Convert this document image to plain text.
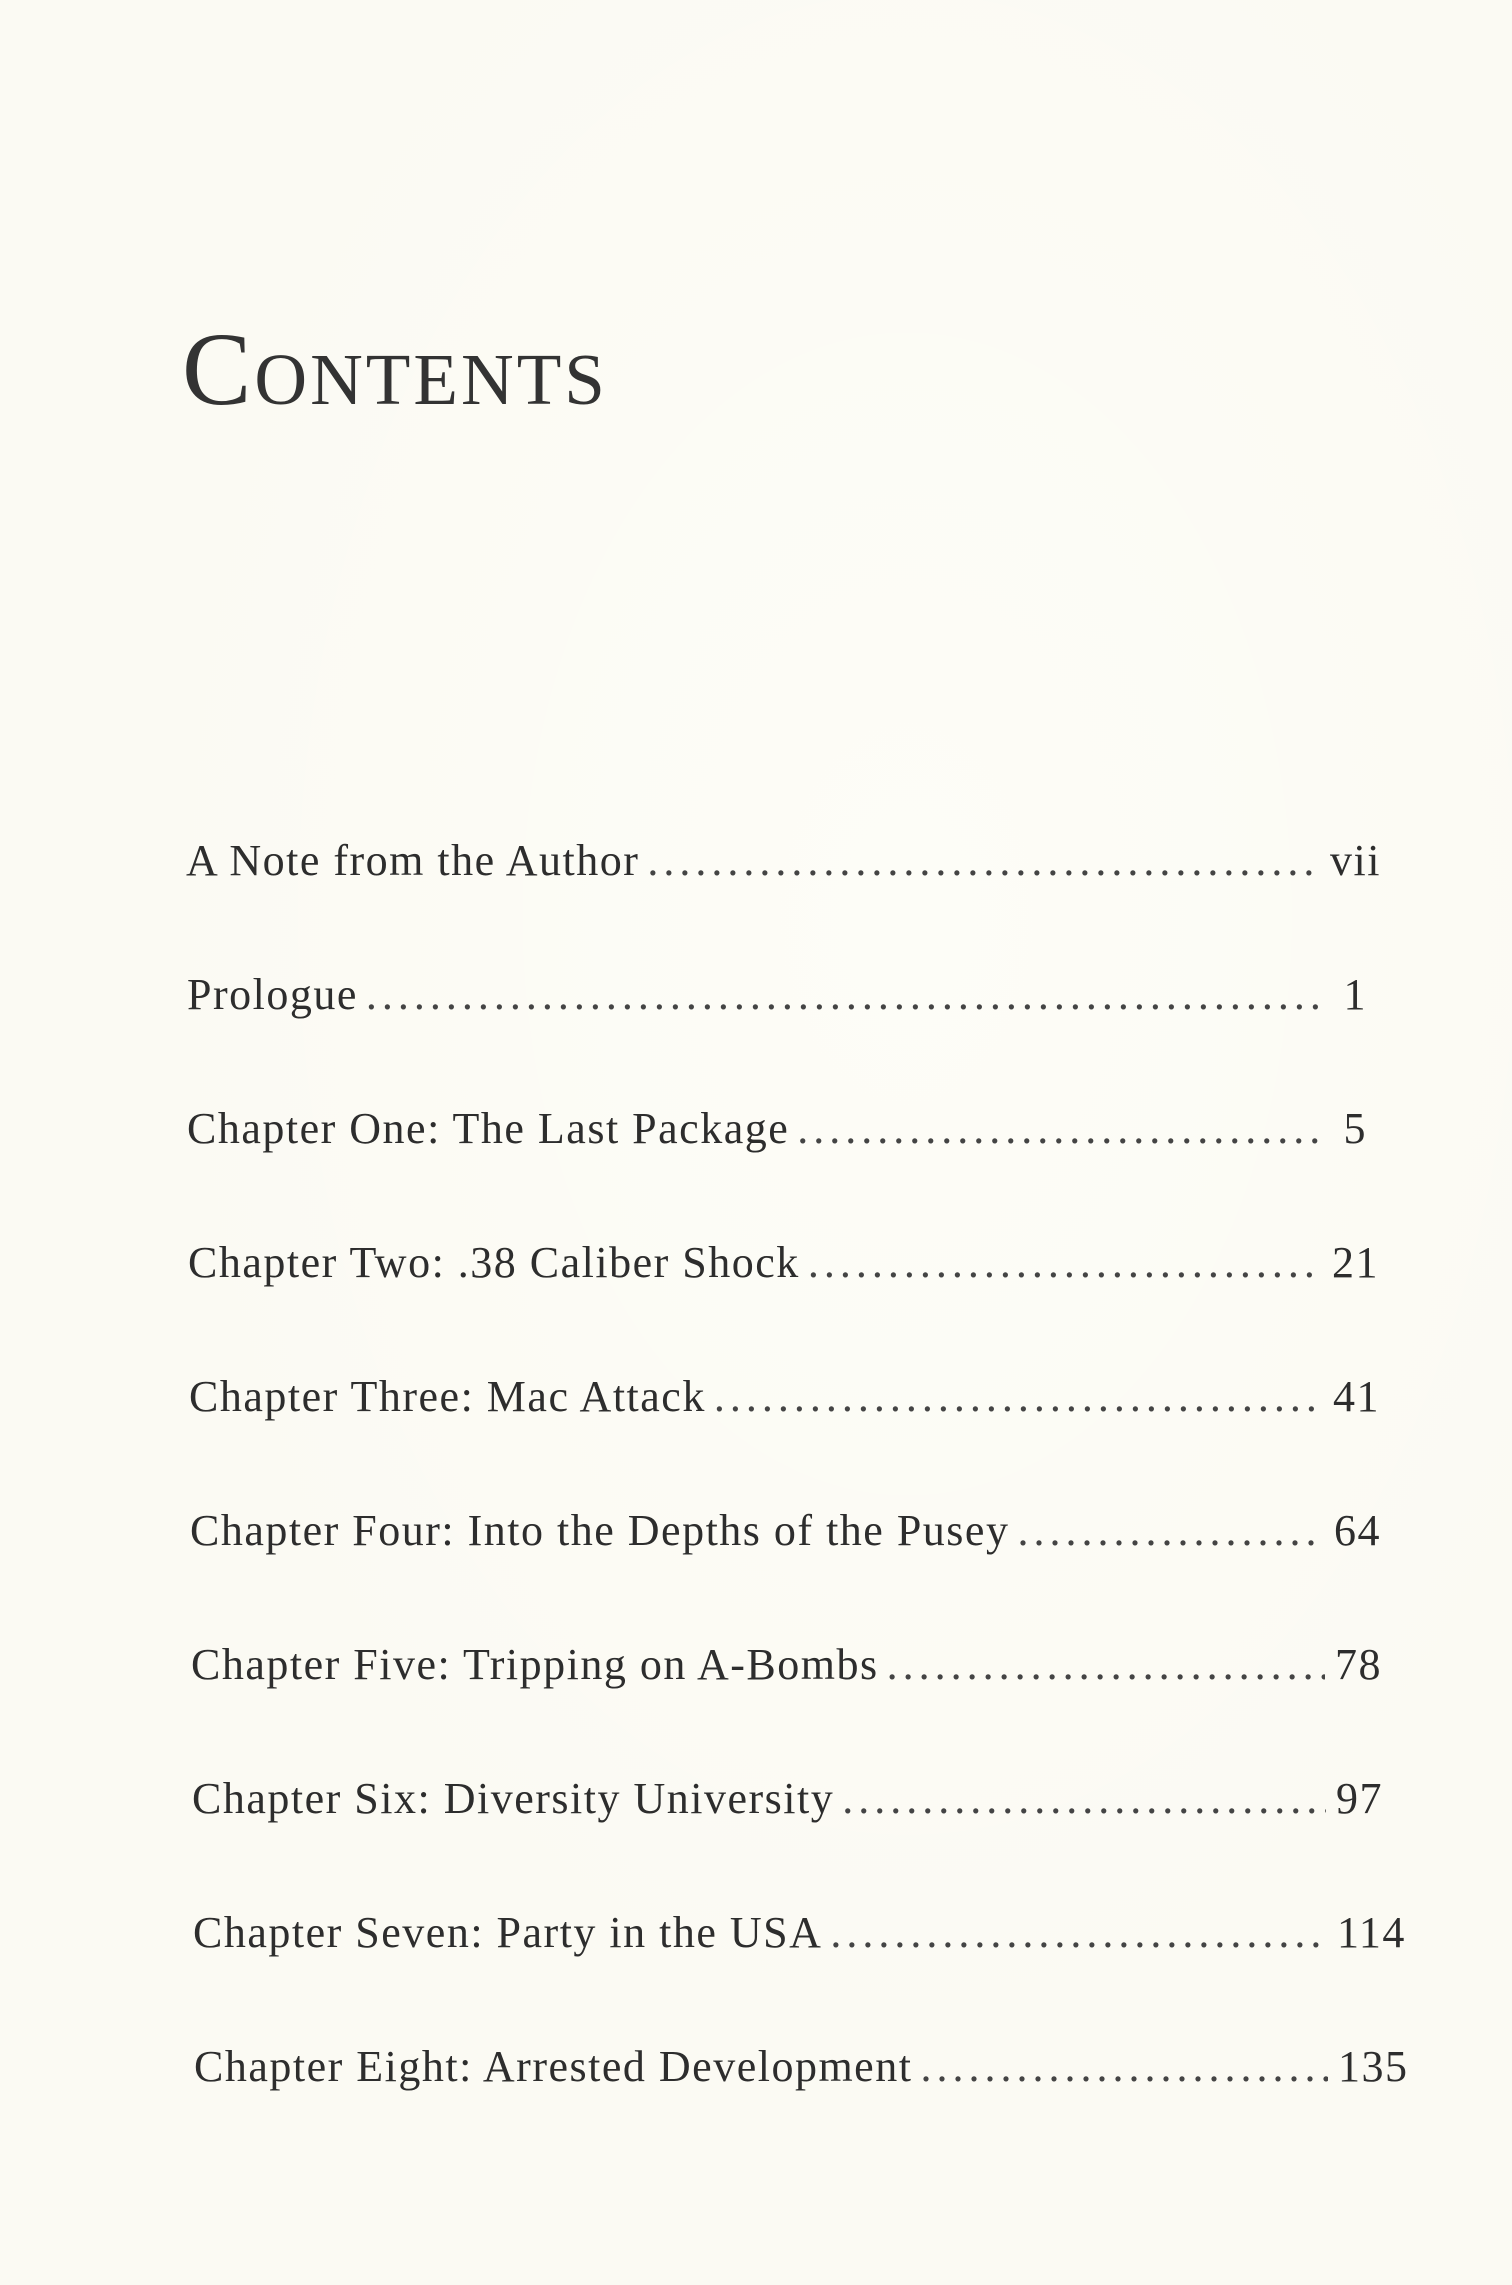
Contents
A Note from the Author .....	vii
Prologue .....	1
Chapter One: The Last Package .....	5
Chapter Two: .38 Caliber Shock .....	21
Chapter Three: Mac Attack .....	41
Chapter Four: Into the Depths of the Pusey .....	64
Chapter Five: Tripping on A-Bombs .....	78
Chapter Six: Diversity University .....	97
Chapter Seven: Party in the USA .....	114
Chapter Eight: Arrested Development .....	135
